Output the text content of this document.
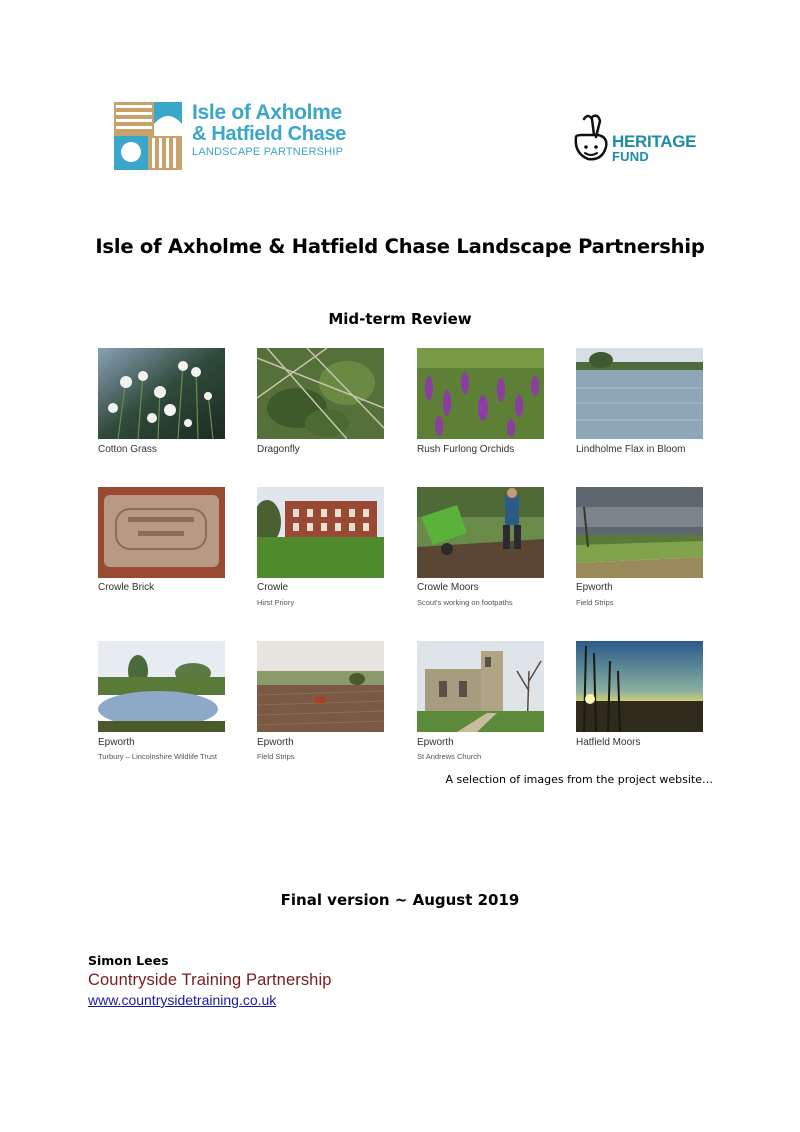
Isle of Axholme
& Hatfield Chase
LANDSCAPE PARTNERSHIP
HERITAGE
FUND
Isle of Axholme & Hatfield Chase Landscape Partnership
Mid-term Review
Cotton Grass	Dragonfly	Rush Furlong Orchids	Lindholme Flax in Bloom
Crowle Brick	Crowle
Hirst Priory
Crowle Moors
Scout's working on footpaths
Epworth
Field Strips
Epworth
Turbury – Lincolnshire Wildlife Trust
Epworth
Field Strips
Epworth
St Andrews Church
Hatfield Moors
A selection of images from the project website…
Final version ~ August 2019
Simon Lees
Countryside Training Partnership
www.countrysidetraining.co.uk
